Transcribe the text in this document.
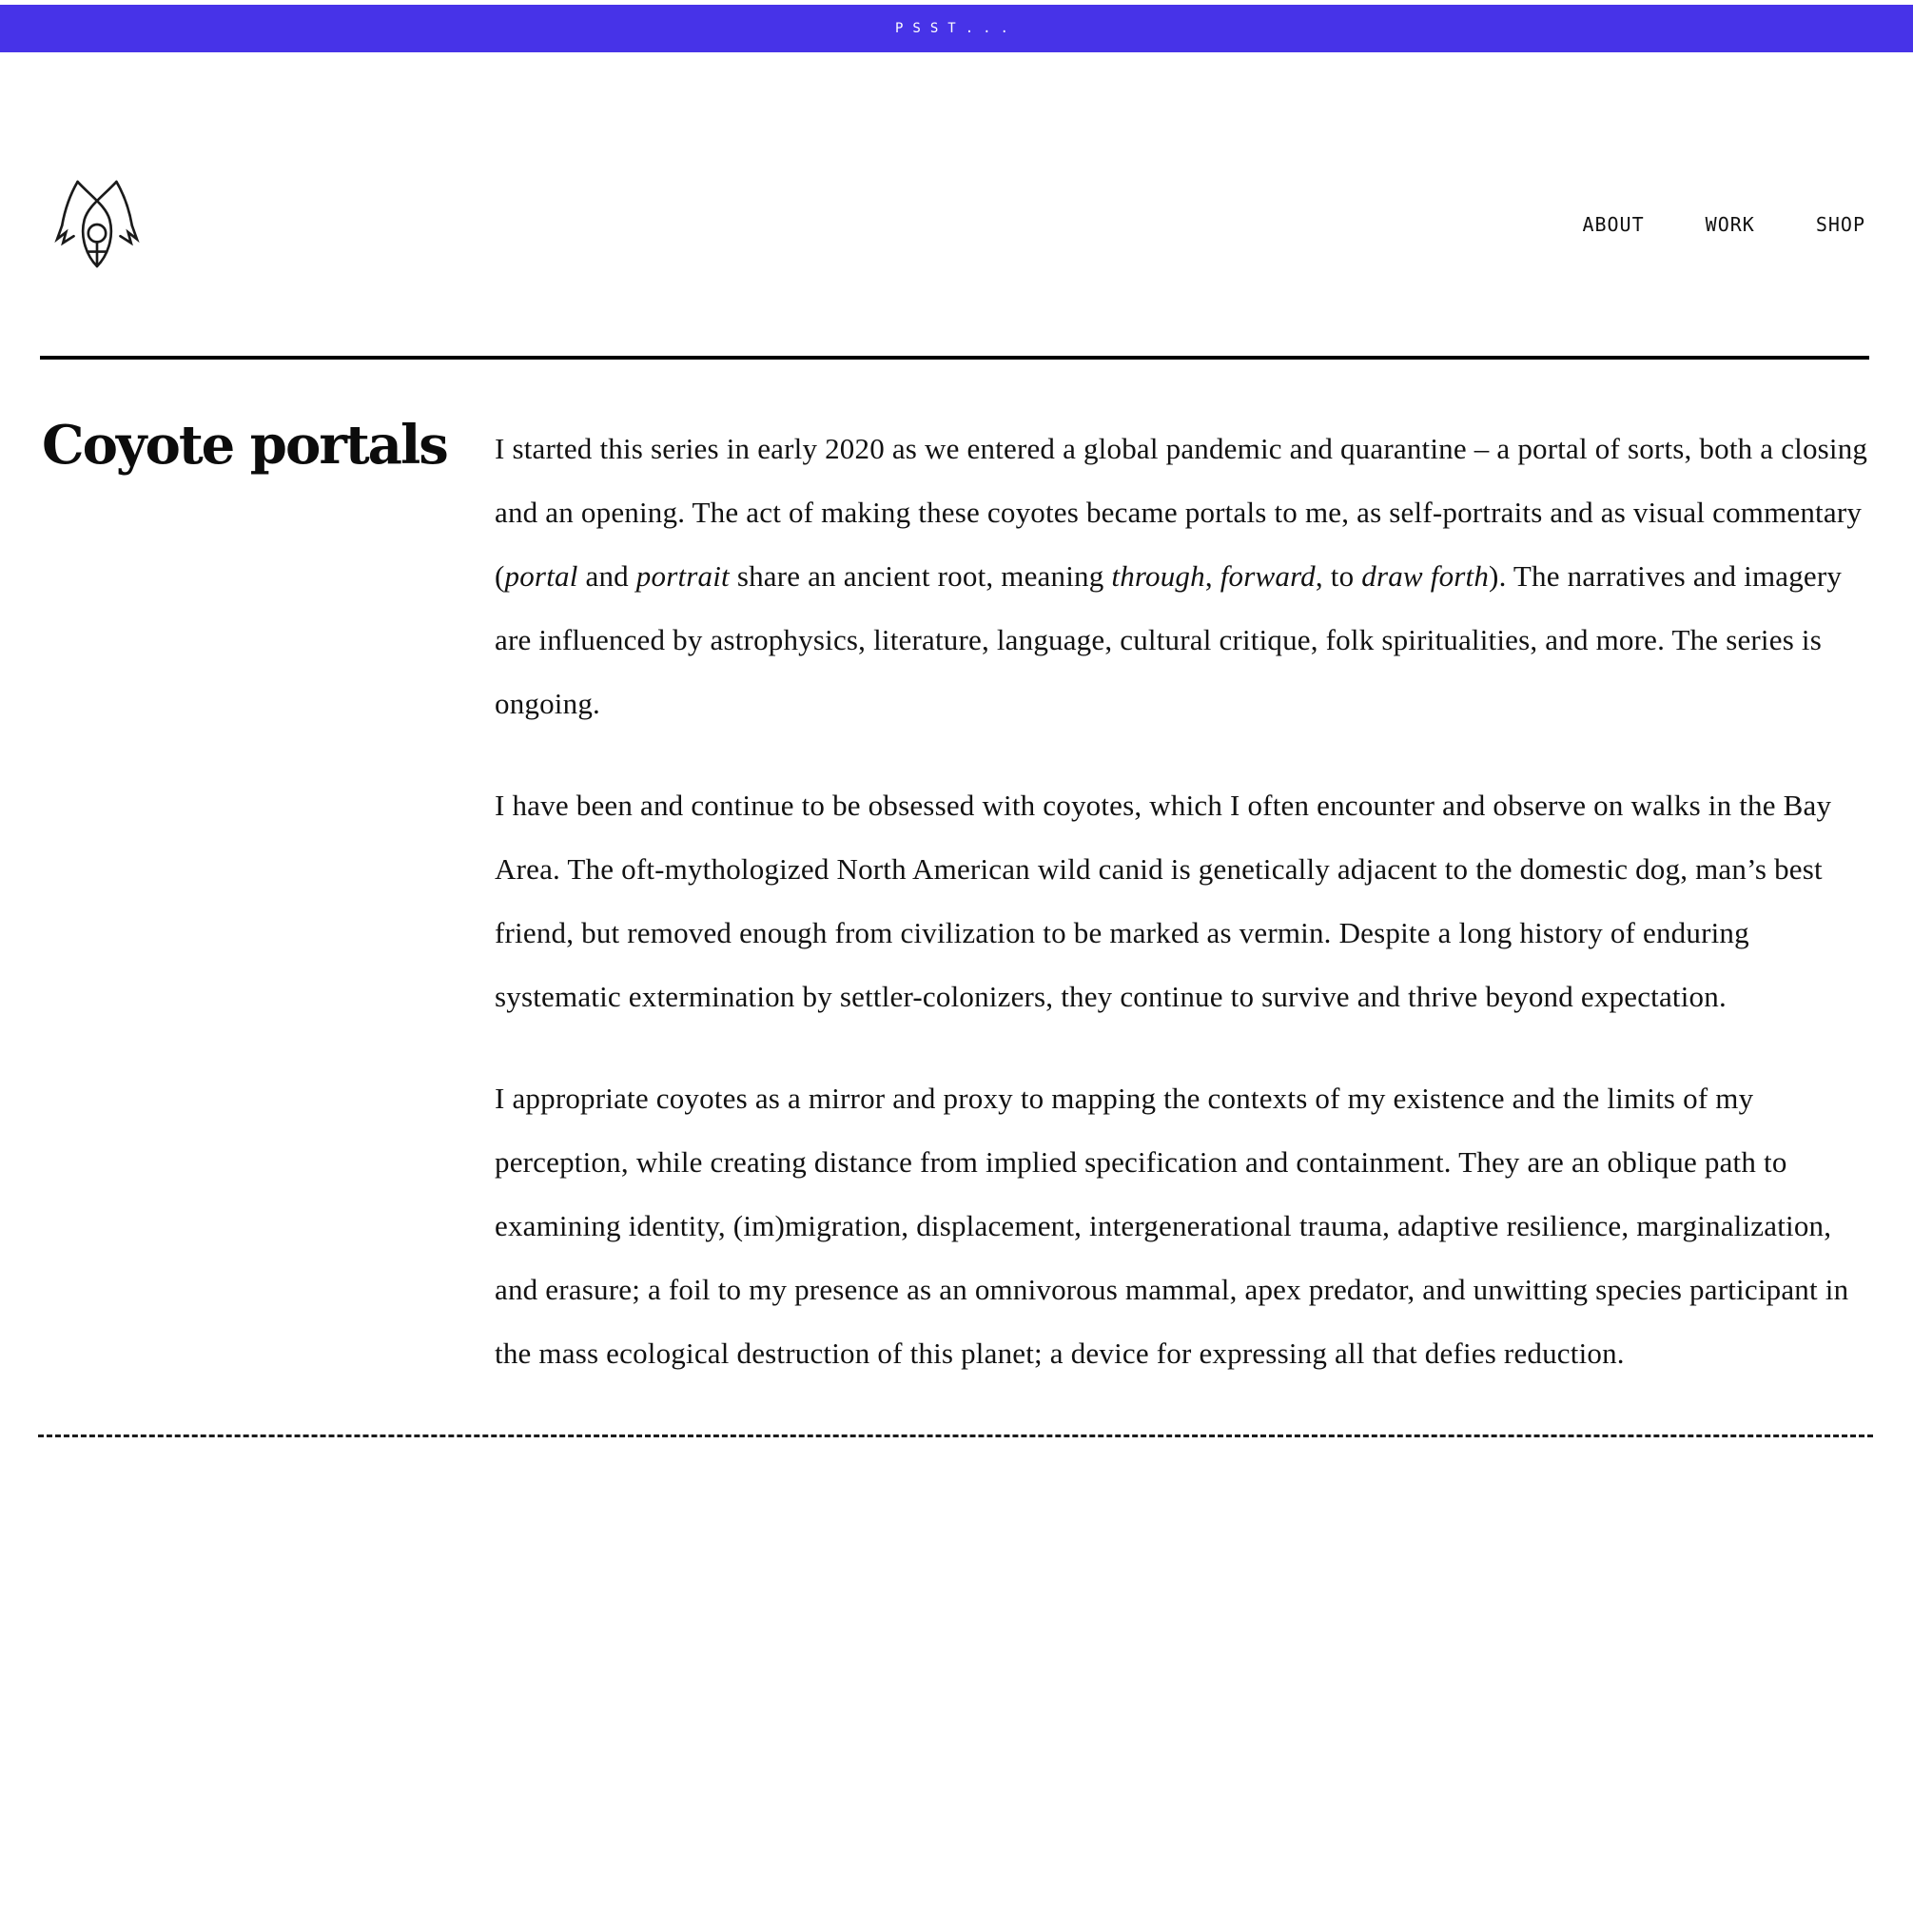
PSST...
ABOUT	WORK	SHOP
Coyote portals	I started this series in early 2020 as we entered a global pandemic and quarantine – a portal of sorts, both a closing and an opening. The act of making these coyotes became portals to me, as self-portraits and as visual commentary (portal and portrait share an ancient root, meaning through, forward, to draw forth). The narratives and imagery are influenced by astrophysics, literature, language, cultural critique, folk spiritualities, and more. The series is ongoing.

I have been and continue to be obsessed with coyotes, which I often encounter and observe on walks in the Bay Area. The oft-mythologized North American wild canid is genetically adjacent to the domestic dog, man’s best friend, but removed enough from civilization to be marked as vermin. Despite a long history of enduring systematic extermination by settler-colonizers, they continue to survive and thrive beyond expectation.

I appropriate coyotes as a mirror and proxy to mapping the contexts of my existence and the limits of my perception, while creating distance from implied specification and containment. They are an oblique path to examining identity, (im)migration, displacement, intergenerational trauma, adaptive resilience, marginalization, and erasure; a foil to my presence as an omnivorous mammal, apex predator, and unwitting species participant in the mass ecological destruction of this planet; a device for expressing all that defies reduction.
